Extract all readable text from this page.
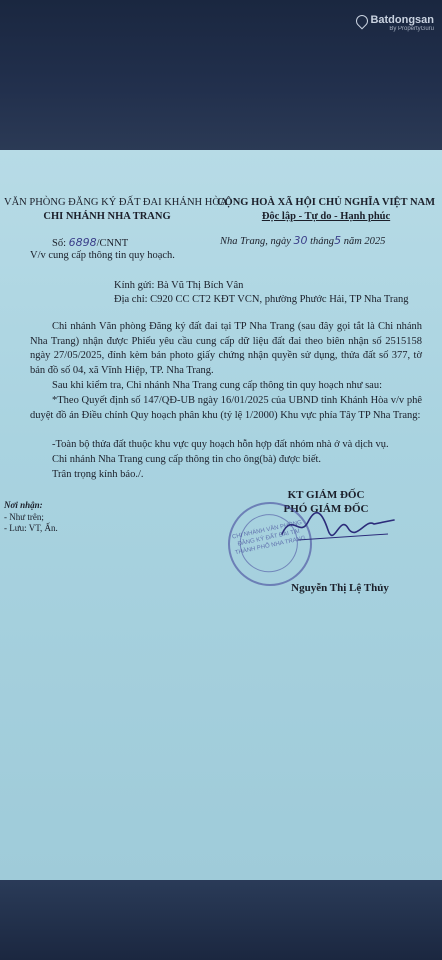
Batdongsan
By PropertyGuru
VĂN PHÒNG ĐĂNG KÝ ĐẤT ĐAI KHÁNH HÒA
CHI NHÁNH NHA TRANG
CỘNG HOÀ XÃ HỘI CHỦ NGHĨA VIỆT NAM
Độc lập - Tự do - Hạnh phúc
Số: 6898/CNNT	Nha Trang, ngày 30 tháng5 năm 2025
V/v cung cấp thông tin quy hoạch.
Kính gửi: Bà Vũ Thị Bích Vân
Địa chỉ: C920 CC CT2 KĐT VCN, phường Phước Hải, TP Nha Trang
Chi nhánh Văn phòng Đăng ký đất đai tại TP Nha Trang (sau đây gọi tắt là Chi nhánh Nha Trang) nhận được Phiếu yêu cầu cung cấp dữ liệu đất đai theo biên nhận số 2515158 ngày 27/05/2025, đính kèm bản photo giấy chứng nhận quyền sử dụng, thửa đất số 377, tờ bản đồ số 04, xã Vĩnh Hiệp, TP. Nha Trang.
Sau khi kiểm tra, Chi nhánh Nha Trang cung cấp thông tin quy hoạch như sau:
*Theo Quyết định số 147/QĐ-UB ngày 16/01/2025 của UBND tỉnh Khánh Hòa v/v phê duyệt đồ án Điều chỉnh Quy hoạch phân khu (tỷ lệ 1/2000) Khu vực phía Tây TP Nha Trang:
-Toàn bộ thửa đất thuộc khu vực quy hoạch hỗn hợp đất nhóm nhà ở và dịch vụ.
Chi nhánh Nha Trang cung cấp thông tin cho ông(bà) được biết.
Trân trọng kính báo./.
Nơi nhận:
- Như trên;
- Lưu: VT, Ấn.
KT GIÁM ĐỐC
PHÓ GIÁM ĐỐC
CHI NHÁNH VĂN PHÒNG ĐĂNG KÝ ĐẤT ĐAI TẠI THÀNH PHỐ NHA TRANG
Nguyễn Thị Lệ Thủy
